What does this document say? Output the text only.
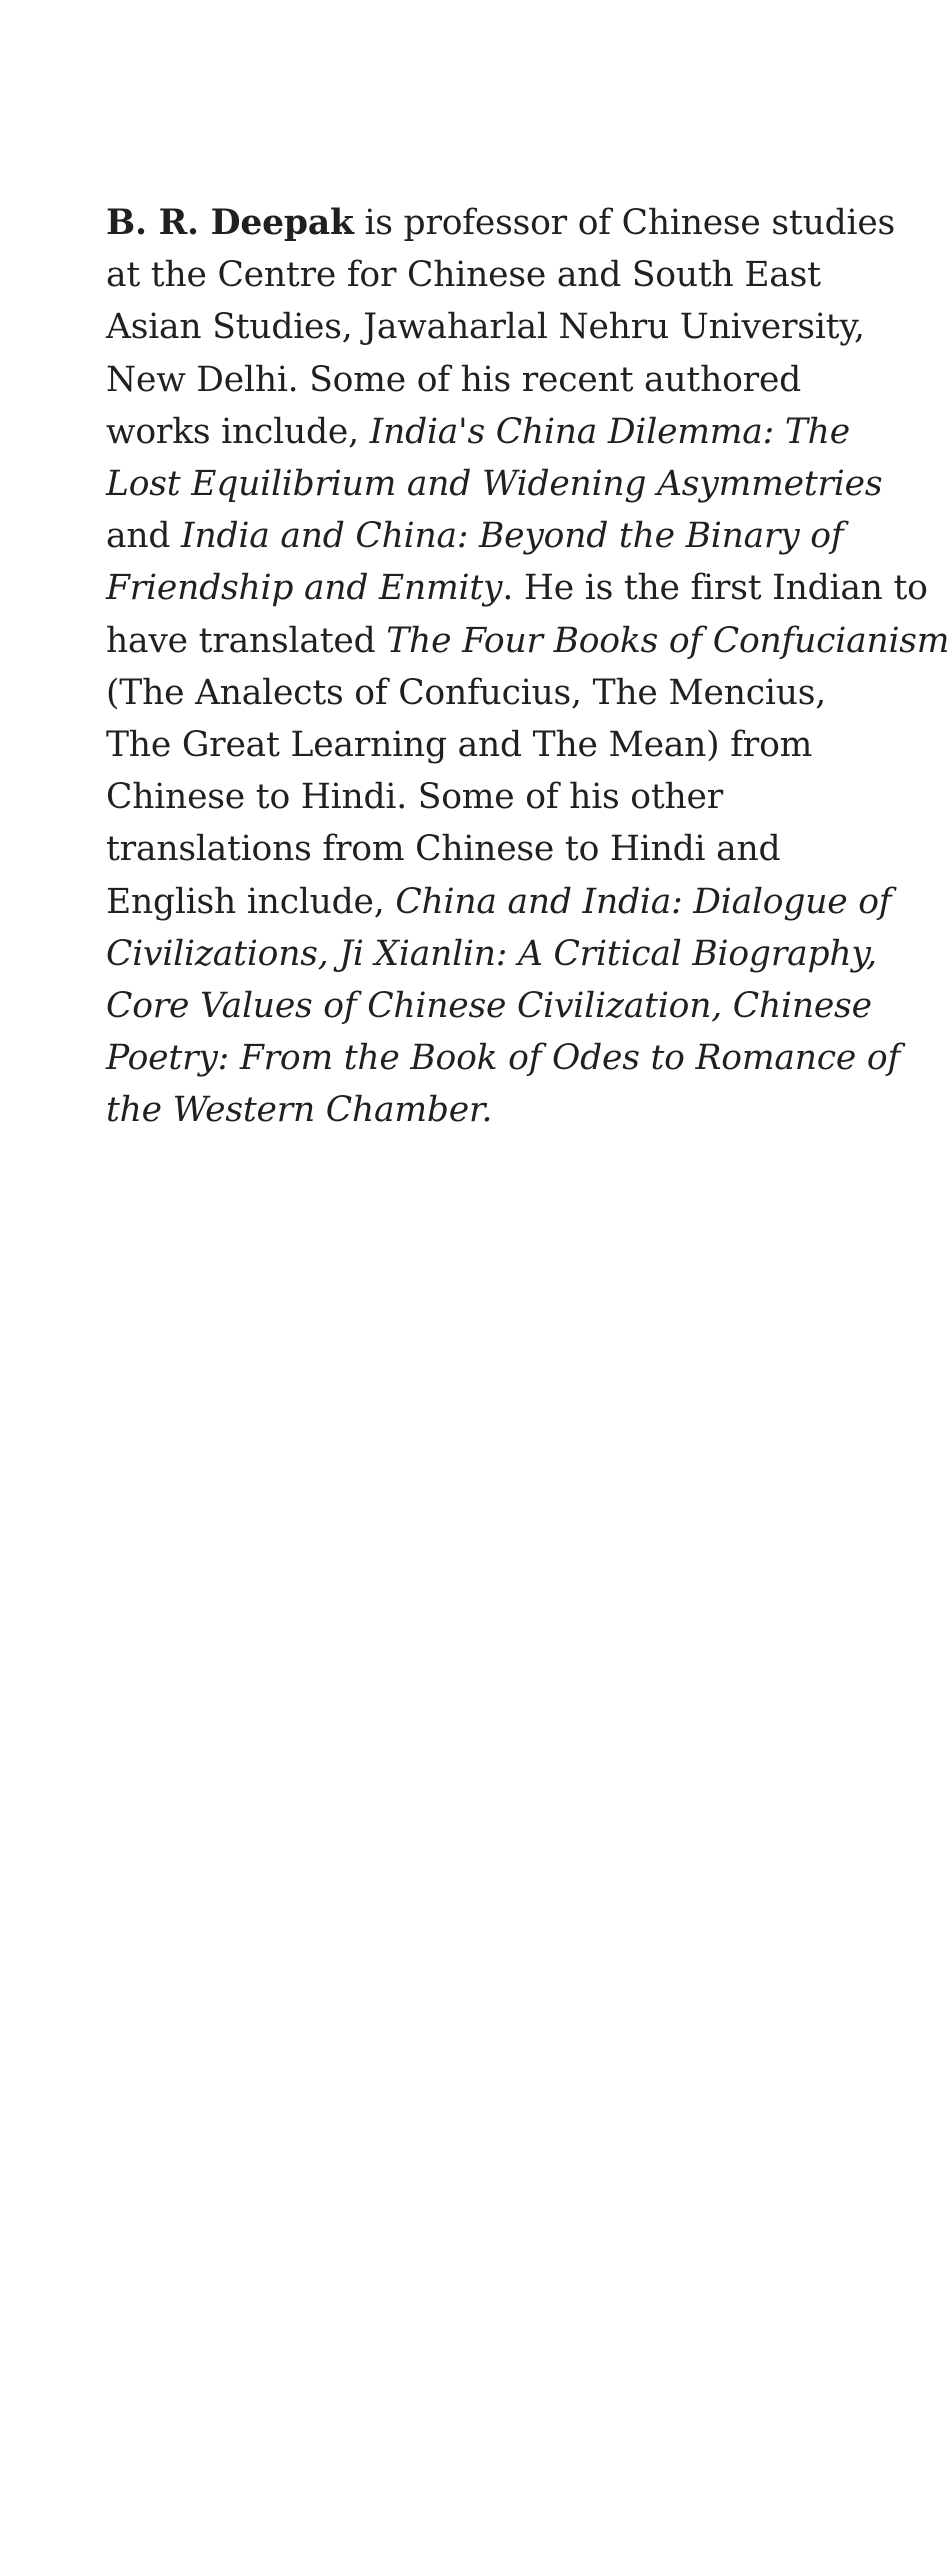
B. R. Deepak is professor of Chinese studies
at the Centre for Chinese and South East
Asian Studies, Jawaharlal Nehru University,
New Delhi. Some of his recent authored
works include, India's China Dilemma: The
Lost Equilibrium and Widening Asymmetries
and India and China: Beyond the Binary of
Friendship and Enmity. He is the first Indian to
have translated The Four Books of Confucianism
(The Analects of Confucius, The Mencius,
The Great Learning and The Mean) from
Chinese to Hindi. Some of his other
translations from Chinese to Hindi and
English include, China and India: Dialogue of
Civilizations, Ji Xianlin: A Critical Biography,
Core Values of Chinese Civilization, Chinese
Poetry: From the Book of Odes to Romance of
the Western Chamber.
